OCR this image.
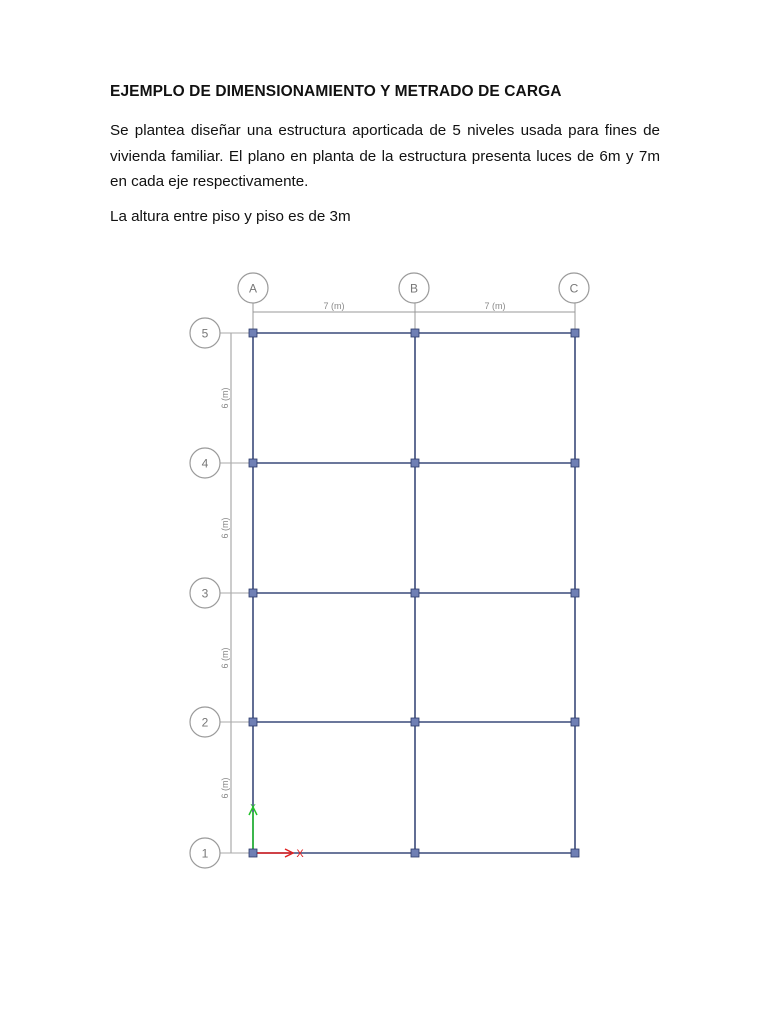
EJEMPLO DE DIMENSIONAMIENTO Y METRADO DE CARGA

Se plantea diseñar una estructura aporticada de 5 niveles usada para fines de vivienda familiar. El plano en planta de la estructura presenta luces de 6m y 7m en cada eje respectivamente.

La altura entre piso y piso es de 3m

7 (m)	7 (m)
6 (m)
6 (m)
6 (m)
6 (m)
A	B	C
5
4
3
2
1	X
Y
